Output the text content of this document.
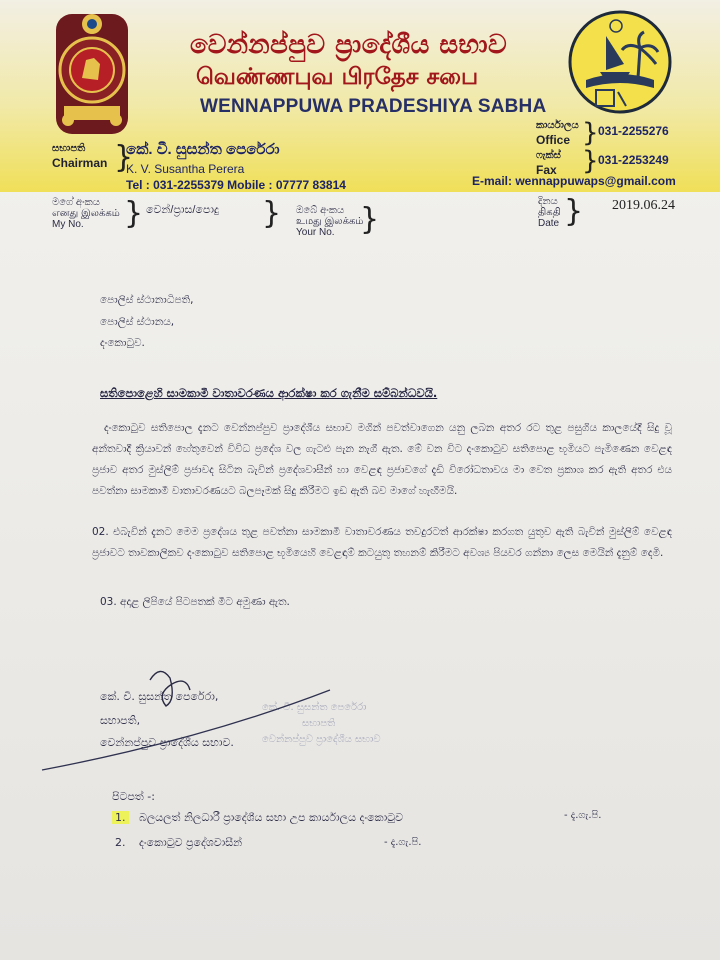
වෙන්නප්පුව ප්‍රාදේශීය සභාව
வெண்ணபுவ பிரதேச சபை
WENNAPPUWA PRADESHIYA SABHA
සභාපති
Chairman }
කේ. වී. සුසන්ත පෙරේරා
K. V. Susantha Perera
Tel : 031-2255379 Mobile : 07777 83814
කාර්යාලය
Office } 031-2255276
ෆැක්ස්
Fax } 031-2253249
E-mail: wennappuwaps@gmail.com
මගේ අංකය
எனது இலக்கம்
My No.	} වෙන්/ප්‍රාස/පොදු } ඔබේ අංකය
உமது இலக்கம்
Your No. }
දිනය
திகதி
Date } 2019.06.24
පොලිස් ස්ථානාධිපති,
පොලිස් ස්ථානය,
දංකොටුව.
සතිපොළෙහි සාමකාමී වාතාවරණය ආරක්ෂා කර ගැනීම සම්බන්ධවයි.
දංකොටුව සතිපොල දැනට වෙන්නප්පුව ප්‍රාදේශීය සභාව මගින් පවත්වාගෙන යනු ලබන අතර රට තුළ පසුගිය කාලයේදී සිදු වූ අන්තවාදී ක්‍රියාවන් හේතුවෙන් විවිධ ප්‍රදේශ වල ගැටළු පැන නැගී ඇත. මේ වන විට දංකොටුව සතිපොළ භූමියට පැමිණෙන වෙළඳ ප්‍රජාව අතර මුස්ලිම් ප්‍රජාවද සිටින බැවින් ප්‍රදේශවාසීන් හා වෙළඳ ප්‍රජාවගේ දැඩි විරෝධතාවය මා වෙත ප්‍රකාශ කර ඇති අතර එය පවත්නා සාමකාමී වාතාවරණයට බලපෑමක් සිදු කිරීමට ඉඩ ඇති බව මාගේ හැඟීමයි.
02. එබැවින් දැනට මෙම ප්‍රදේශය තුළ පවත්නා සාමකාමී වාතාවරණය තවදුරටත් ආරක්ෂා කරගත යුතුව ඇති බැවින් මුස්ලිම් වෙළඳ ප්‍රජාවට තාවකාලිකව දංකොටුව සතිපොළ භූමියෙහි වෙළඳාම් කටයුතු තහනම් කිරීමට අවශ්‍ය පියවර ගන්නා ලෙස මෙයින් දැනුම් දෙමි.
03. අදාළ ලිපියේ පිටපතක් මීට අමුණා ඇත.
කේ. වී. සුසන්ත පෙරේරා,
සභාපති,
වෙන්නප්පුව ප්‍රාදේශීය සභාව.
කේ. වී. සුසන්ත පෙරේරා
සභාපති
වෙන්නප්පුව ප්‍රාදේශීය සභාව
පිටපත් -:
1. බලයලත් නිලධාරී ප්‍රාදේශීය සභා උප කාර්යාලය දංකොටුව	- දැ.ගැ.පි.
2. දංකොටුව ප්‍රදේශවාසීන්	- දැ.ගැ.පි.
